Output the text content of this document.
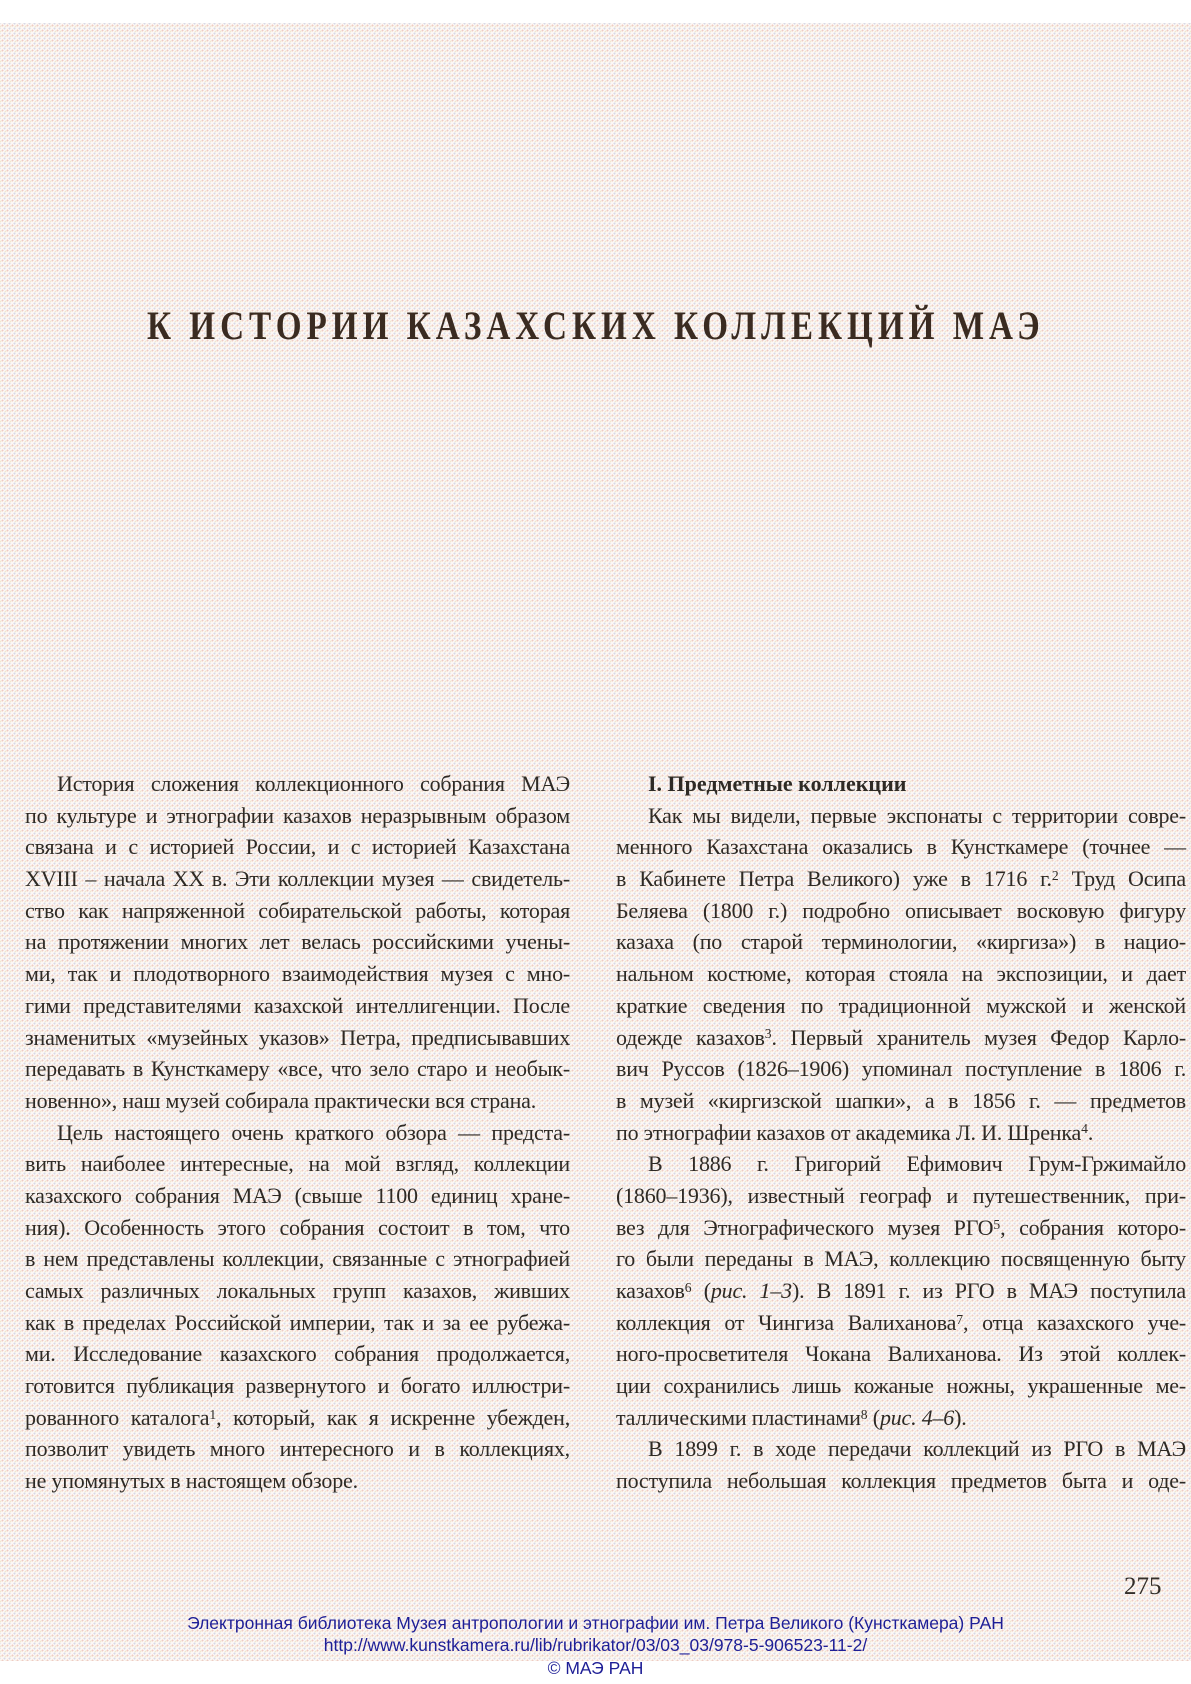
К ИСТОРИИ КАЗАХСКИХ КОЛЛЕКЦИЙ МАЭ
История сложения коллекционного собрания МАЭ
по культуре и этнографии казахов неразрывным образом
связана и с историей России, и с историей Казахстана
XVIII – начала XX в. Эти коллекции музея — свидетель-
ство как напряженной собирательской работы, которая
на протяжении многих лет велась российскими учены-
ми, так и плодотворного взаимодействия музея с мно-
гими представителями казахской интеллигенции. После
знаменитых «музейных указов» Петра, предписывавших
передавать в Кунсткамеру «все, что зело старо и необык-
новенно», наш музей собирала практически вся страна.
Цель настоящего очень краткого обзора — предста-
вить наиболее интересные, на мой взгляд, коллекции
казахского собрания МАЭ (свыше 1100 единиц хране-
ния). Особенность этого собрания состоит в том, что
в нем представлены коллекции, связанные с этнографией
самых различных локальных групп казахов, живших
как в пределах Российской империи, так и за ее рубежа-
ми. Исследование казахского собрания продолжается,
готовится публикация развернутого и богато иллюстри-
рованного каталога$^1$, который, как я искренне убежден,
позволит увидеть много интересного и в коллекциях,
не упомянутых в настоящем обзоре.
I. Предметные коллекции
Как мы видели, первые экспонаты с территории совре-
менного Казахстана оказались в Кунсткамере (точнее —
в Кабинете Петра Великого) уже в 1716 г.$^2$ Труд Осипа
Беляева (1800 г.) подробно описывает восковую фигуру
казаха (по старой терминологии, «киргиза») в нацио-
нальном костюме, которая стояла на экспозиции, и дает
краткие сведения по традиционной мужской и женской
одежде казахов$^3$. Первый хранитель музея Федор Карло-
вич Руссов (1826–1906) упоминал поступление в 1806 г.
в музей «киргизской шапки», а в 1856 г. — предметов
по этнографии казахов от академика Л. И. Шренка$^4$.
В 1886 г. Григорий Ефимович Грум-Гржимайло
(1860–1936), известный географ и путешественник, при-
вез для Этнографического музея РГО$^5$, собрания которо-
го были переданы в МАЭ, коллекцию посвященную быту
казахов$^6$ (рис. 1–3). В 1891 г. из РГО в МАЭ поступила
коллекция от Чингиза Валиханова$^7$, отца казахского уче-
ного-просветителя Чокана Валиханова. Из этой коллек-
ции сохранились лишь кожаные ножны, украшенные ме-
таллическими пластинами$^8$ (рис. 4–6).
В 1899 г. в ходе передачи коллекций из РГО в МАЭ
поступила небольшая коллекция предметов быта и оде-
275
Электронная библиотека Музея антропологии и этнографии им. Петра Великого (Кунсткамера) РАН
http://www.kunstkamera.ru/lib/rubrikator/03/03_03/978-5-906523-11-2/
© МАЭ РАН
